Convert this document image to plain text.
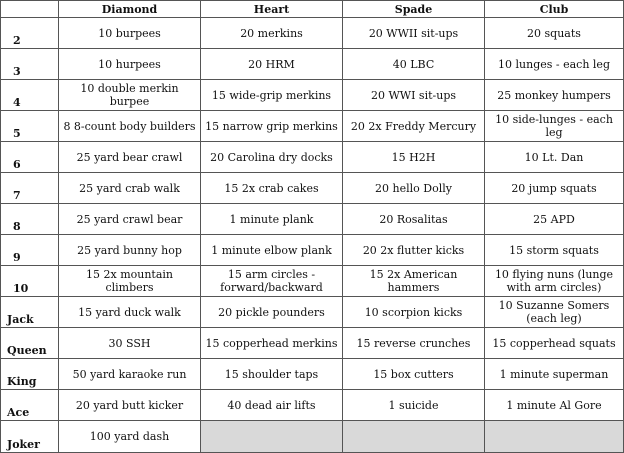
	Diamond	Heart	Spade	Club
2	10 burpees	20 merkins	20 WWII sit-ups	20 squats
3	10 hurpees	20 HRM	40 LBC	10 lunges - each leg
4	10 double merkin burpee	15 wide-grip merkins	20 WWI sit-ups	25 monkey humpers
5	8 8-count body builders	15 narrow grip merkins	20 2x Freddy Mercury	10 side-lunges - each leg
6	25 yard bear crawl	20 Carolina dry docks	15 H2H	10 Lt. Dan
7	25 yard crab walk	15 2x crab cakes	20 hello Dolly	20 jump squats
8	25 yard crawl bear	1 minute plank	20 Rosalitas	25 APD
9	25 yard bunny hop	1 minute elbow plank	20 2x flutter kicks	15 storm squats
10	15 2x mountain climbers	15 arm circles - forward/backward	15 2x American hammers	10 flying nuns (lunge with arm circles)
Jack	15 yard duck walk	20 pickle pounders	10 scorpion kicks	10 Suzanne Somers (each leg)
Queen	30 SSH	15 copperhead merkins	15 reverse crunches	15 copperhead squats
King	50 yard karaoke run	15 shoulder taps	15 box cutters	1 minute superman
Ace	20 yard butt kicker	40 dead air lifts	1 suicide	1 minute Al Gore
Joker	100 yard dash			
